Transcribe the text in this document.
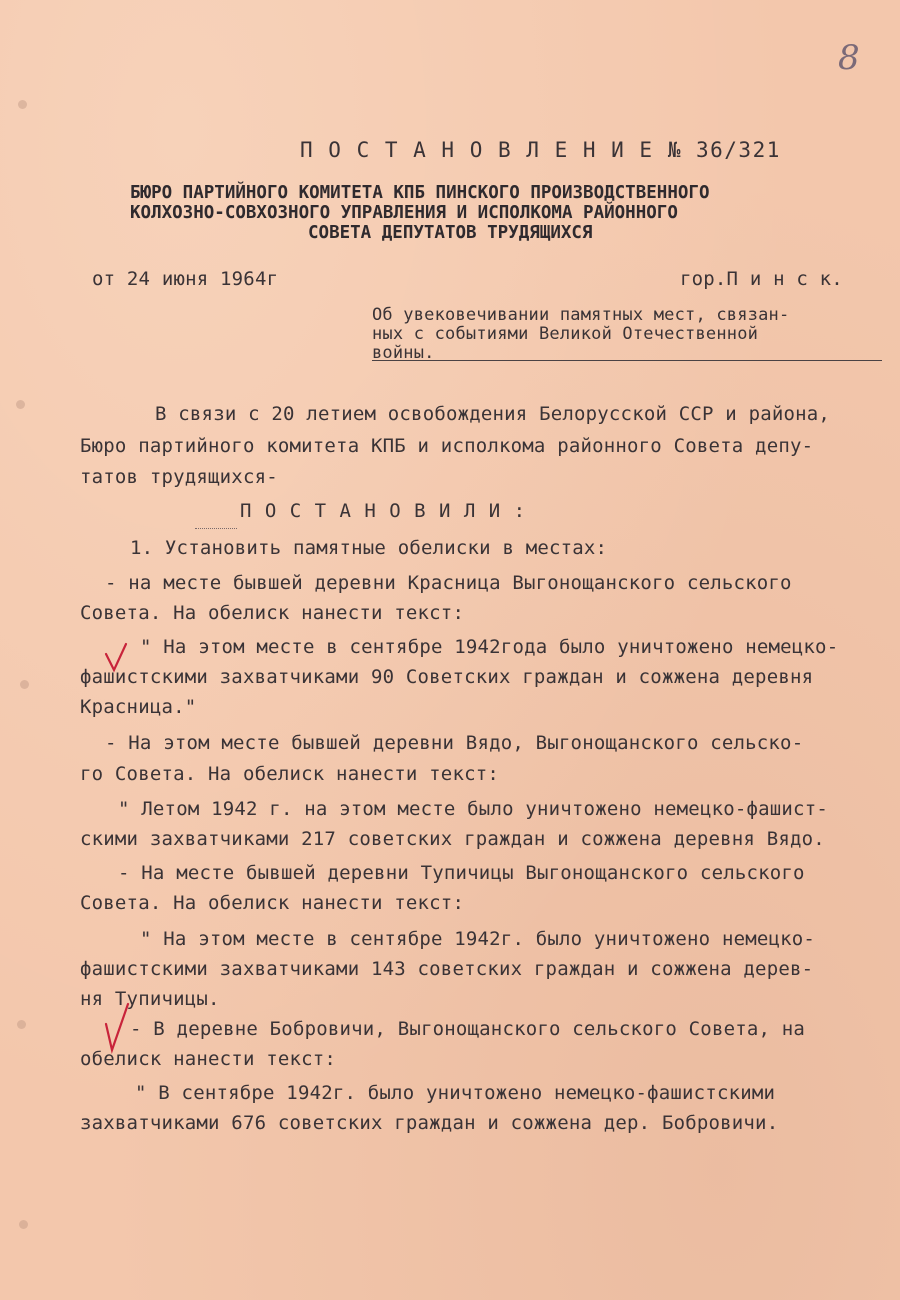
8
П О С Т А Н О В Л Е Н И Е № 36/321
БЮРО ПАРТИЙНОГО КОМИТЕТА КПБ ПИНСКОГО ПРОИЗВОДСТВЕННОГО
КОЛХОЗНО-СОВХОЗНОГО УПРАВЛЕНИЯ И ИСПОЛКОМА РАЙОННОГО
СОВЕТА ДЕПУТАТОВ ТРУДЯЩИХСЯ
от 24 июня 1964г	гор.П и н с к.
Об увековечивании памятных мест, связан-
ных с событиями Великой Отечественной
войны.
В связи с 20 летием освобождения Белорусской ССР и района,
Бюро партийного комитета КПБ и исполкома районного Совета депу-
татов трудящихся-
П О С Т А Н О В И Л И :
1. Установить памятные обелиски в местах:
- на месте бывшей деревни Красница Выгонощанского сельского
Совета. На обелиск нанести текст:
" На этом месте в сентябре 1942года было уничтожено немецко-
фашистскими захватчиками 90 Советских граждан и сожжена деревня
Красница."
- На этом месте бывшей деревни Вядо, Выгонощанского сельско-
го Совета. На обелиск нанести текст:
" Летом 1942 г. на этом месте было уничтожено немецко-фашист-
скими захватчиками 217 советских граждан и сожжена деревня Вядо.
- На месте бывшей деревни Тупичицы Выгонощанского сельского
Совета. На обелиск нанести текст:
" На этом месте в сентябре 1942г. было уничтожено немецко-
фашистскими захватчиками 143 советских граждан и сожжена дерев-
ня Тупичицы.
- В деревне Бобровичи, Выгонощанского сельского Совета, на
обелиск нанести текст:
" В сентябре 1942г. было уничтожено немецко-фашистскими
захватчиками 676 советских граждан и сожжена дер. Бобровичи.
